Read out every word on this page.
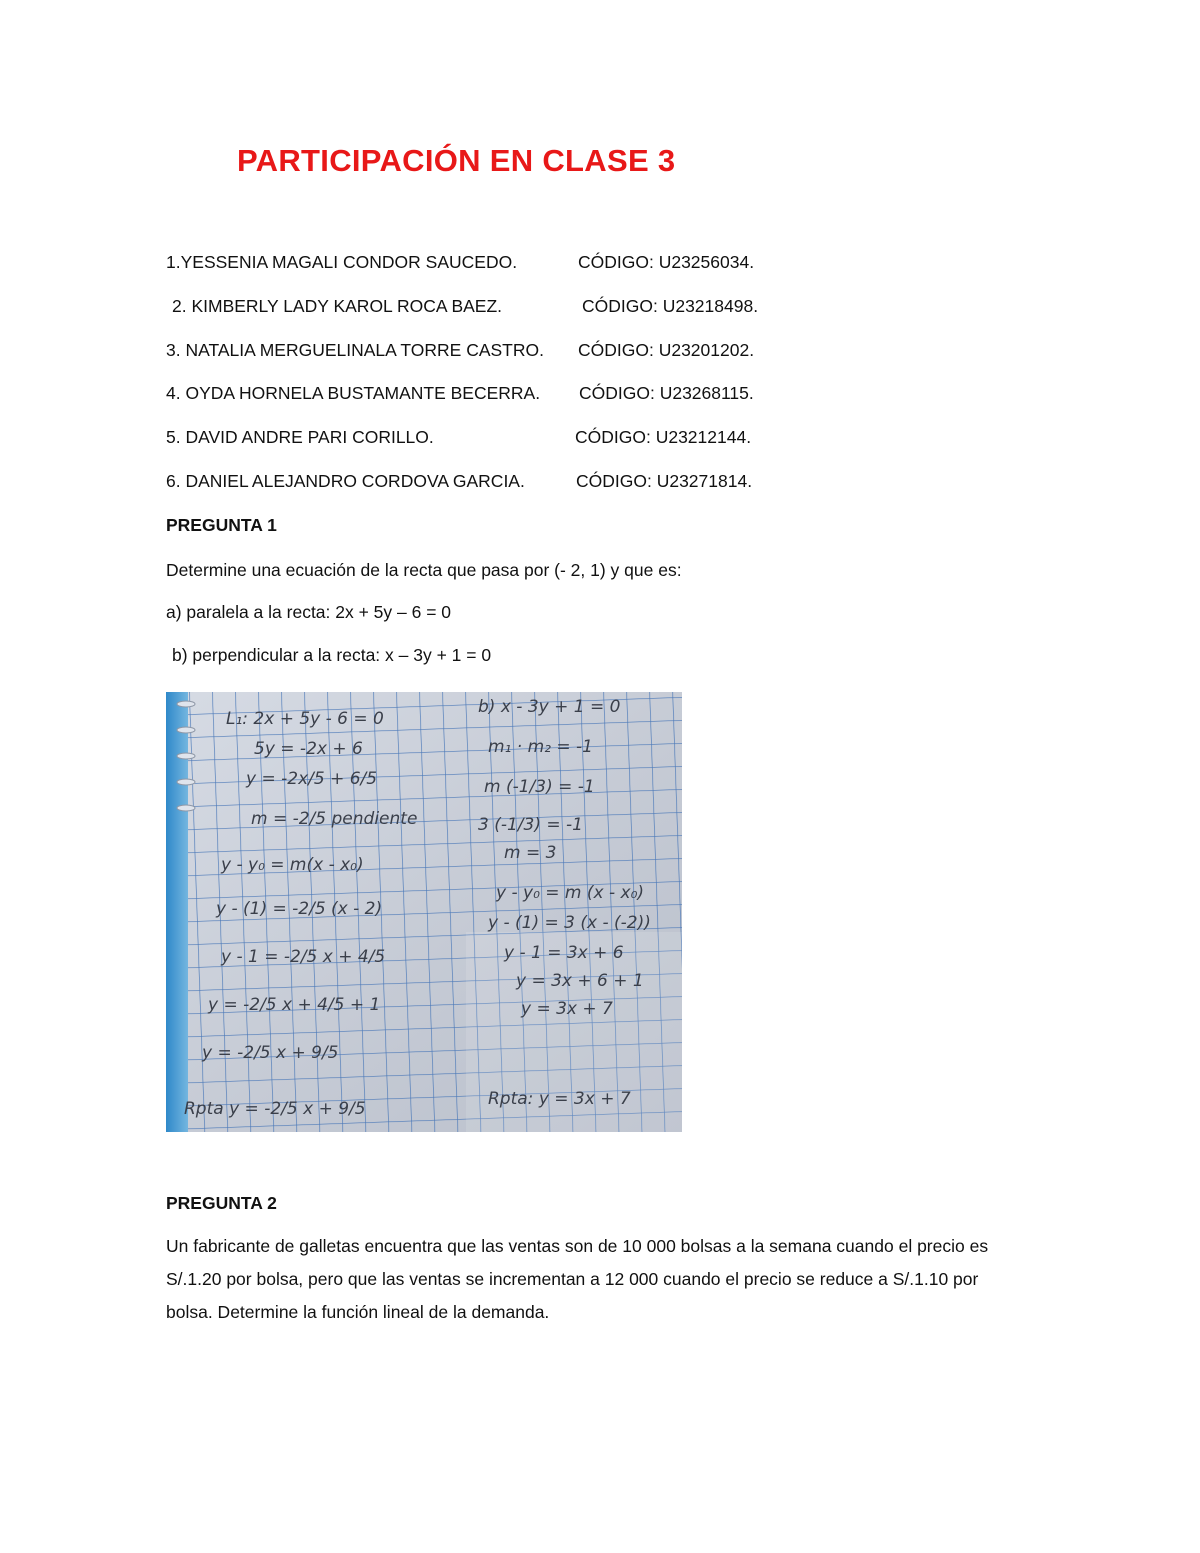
PARTICIPACIÓN EN CLASE 3
1.YESSENIA MAGALI CONDOR SAUCEDO.	CÓDIGO: U23256034.
2. KIMBERLY LADY KAROL ROCA BAEZ.	CÓDIGO: U23218498.
3. NATALIA MERGUELINALA TORRE CASTRO. CÓDIGO: U23201202.
4. OYDA HORNELA BUSTAMANTE BECERRA. CÓDIGO: U23268115.
5. DAVID ANDRE PARI CORILLO.	CÓDIGO: U23212144.
6. DANIEL ALEJANDRO CORDOVA GARCIA.	CÓDIGO: U23271814.
PREGUNTA 1
Determine una ecuación de la recta que pasa por (- 2, 1) y que es:
a) paralela a la recta: 2x + 5y – 6 = 0
b) perpendicular a la recta: x – 3y + 1 = 0
L₁: 2x + 5y - 6 = 0
5y = -2x + 6
y = -2x/5 + 6/5
m = -2/5 pendiente
y - y₀ = m(x - x₀)
y - (1) = -2/5 (x - 2)
y - 1 = -2/5 x + 4/5
y = -2/5 x + 4/5 + 1
y = -2/5 x + 9/5
Rpta y = -2/5 x + 9/5
b) x - 3y + 1 = 0
m₁ · m₂ = -1
m (-1/3) = -1
3 (-1/3) = -1
m = 3
y - y₀ = m (x - x₀)
y - (1) = 3 (x - (-2))
y - 1 = 3x + 6
y = 3x + 6 + 1
y = 3x + 7
Rpta: y = 3x + 7
PREGUNTA 2
Un fabricante de galletas encuentra que las ventas son de 10 000 bolsas a la semana cuando el precio es S/.1.20 por bolsa, pero que las ventas se incrementan a 12 000 cuando el precio se reduce a S/.1.10 por bolsa. Determine la función lineal de la demanda.
